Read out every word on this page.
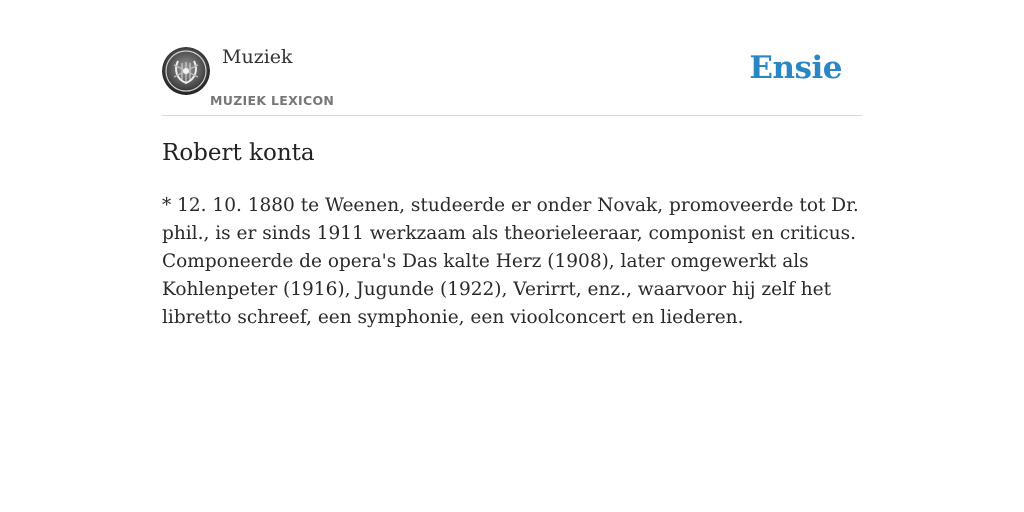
Muziek
MUZIEK LEXICON
Ensie
Robert konta

* 12. 10. 1880 te Weenen, studeerde er onder Novak, promoveerde tot Dr. phil., is er sinds 1911 werkzaam als theorieleeraar, componist en criticus. Componeerde de opera's Das kalte Herz (1908), later omgewerkt als Kohlenpeter (1916), Jugunde (1922), Verirrt, enz., waarvoor hij zelf het libretto schreef, een symphonie, een vioolconcert en liederen.
